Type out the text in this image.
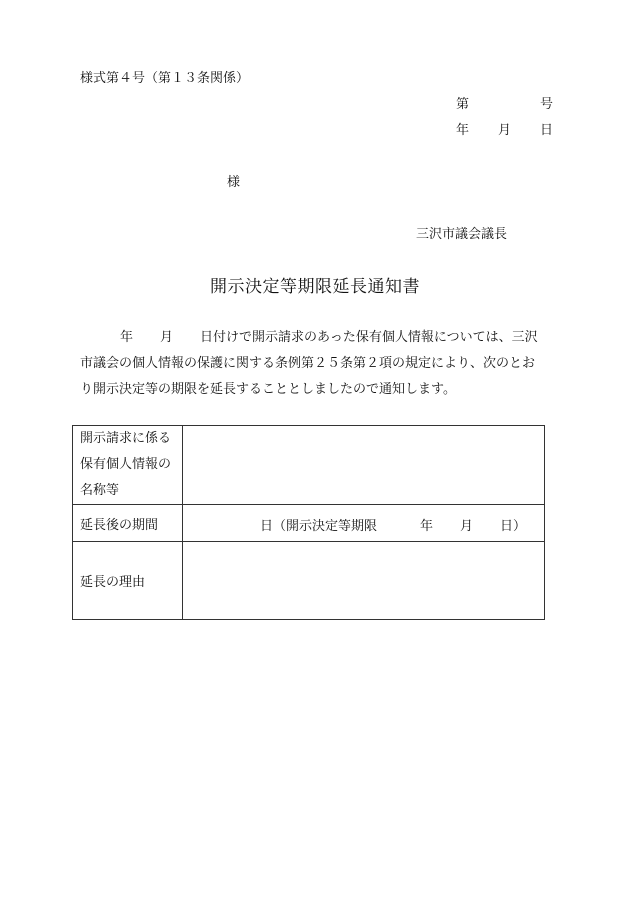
様式第４号（第１３条関係）
第	号
年 月 日
様
三沢市議会議長
開示決定等期限延長通知書
年 月 日付けで開示請求のあった保有個人情報については、三沢
市議会の個人情報の保護に関する条例第２５条第２項の規定により、次のとお
り開示決定等の期限を延長することとしましたので通知します。
開示請求に係る
保有個人情報の
名称等	

延長後の期間	日 （開示決定等期限 年 月 日）

延長の理由	
